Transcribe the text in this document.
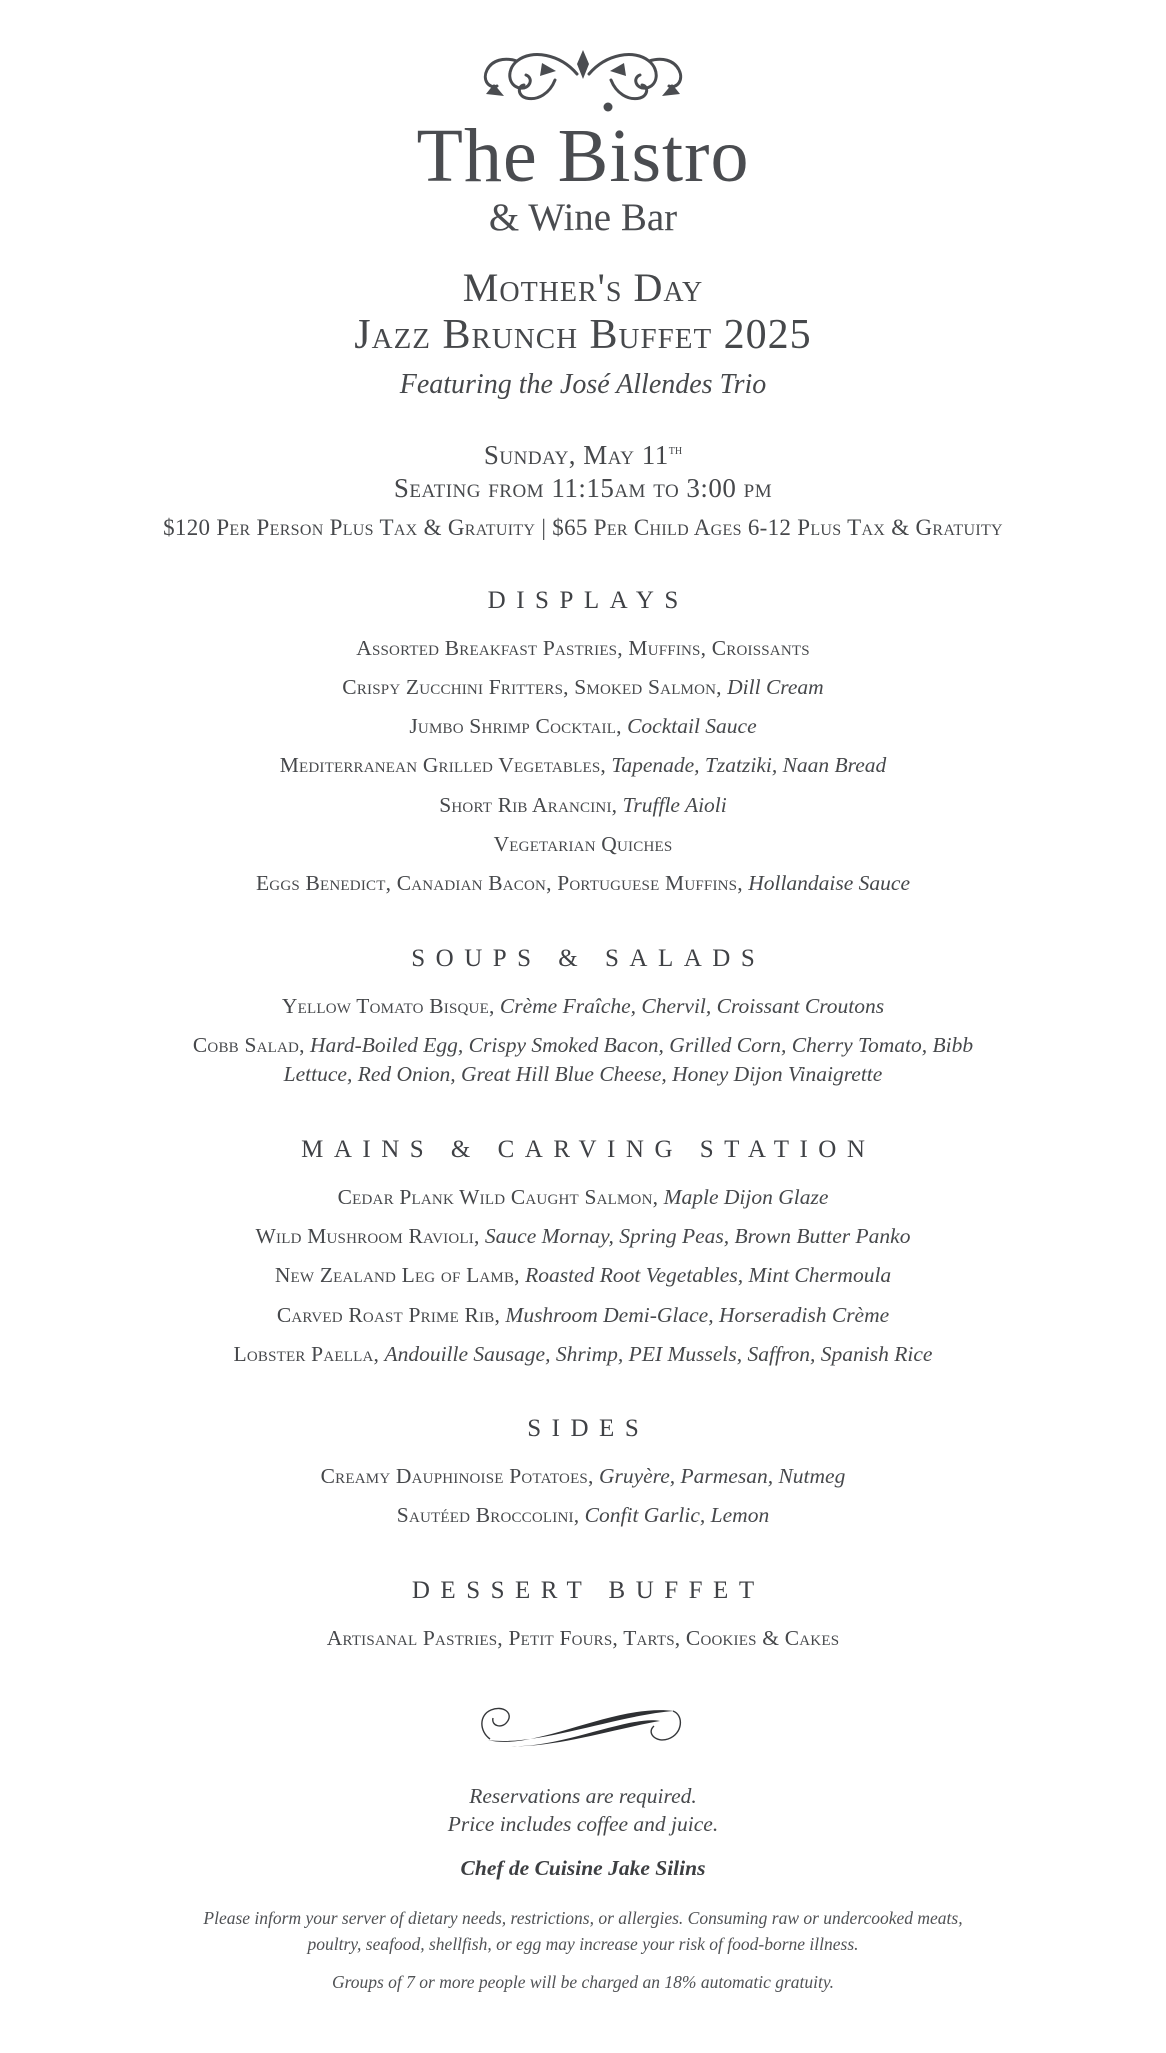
The Bistro
& Wine Bar
Mother's Day
Jazz Brunch Buffet 2025
Featuring the José Allendes Trio
Sunday, May 11th
Seating from 11:15am to 3:00 pm
$120 Per Person Plus Tax & Gratuity | $65 Per Child Ages 6-12 Plus Tax & Gratuity
DISPLAYS

Assorted Breakfast Pastries, Muffins, Croissants

Crispy Zucchini Fritters, Smoked Salmon, Dill Cream

Jumbo Shrimp Cocktail, Cocktail Sauce

Mediterranean Grilled Vegetables, Tapenade, Tzatziki, Naan Bread

Short Rib Arancini, Truffle Aioli

Vegetarian Quiches

Eggs Benedict, Canadian Bacon, Portuguese Muffins, Hollandaise Sauce

SOUPS & SALADS

Yellow Tomato Bisque, Crème Fraîche, Chervil, Croissant Croutons

Cobb Salad, Hard-Boiled Egg, Crispy Smoked Bacon, Grilled Corn, Cherry Tomato, Bibb Lettuce, Red Onion, Great Hill Blue Cheese, Honey Dijon Vinaigrette

MAINS & CARVING STATION

Cedar Plank Wild Caught Salmon, Maple Dijon Glaze

Wild Mushroom Ravioli, Sauce Mornay, Spring Peas, Brown Butter Panko

New Zealand Leg of Lamb, Roasted Root Vegetables, Mint Chermoula

Carved Roast Prime Rib, Mushroom Demi-Glace, Horseradish Crème

Lobster Paella, Andouille Sausage, Shrimp, PEI Mussels, Saffron, Spanish Rice

SIDES

Creamy Dauphinoise Potatoes, Gruyère, Parmesan, Nutmeg

Sautéed Broccolini, Confit Garlic, Lemon

DESSERT BUFFET

Artisanal Pastries, Petit Fours, Tarts, Cookies & Cakes

Reservations are required.
Price includes coffee and juice.
Chef de Cuisine Jake Silins
Please inform your server of dietary needs, restrictions, or allergies. Consuming raw or undercooked meats, poultry, seafood, shellfish, or egg may increase your risk of food-borne illness.
Groups of 7 or more people will be charged an 18% automatic gratuity.
